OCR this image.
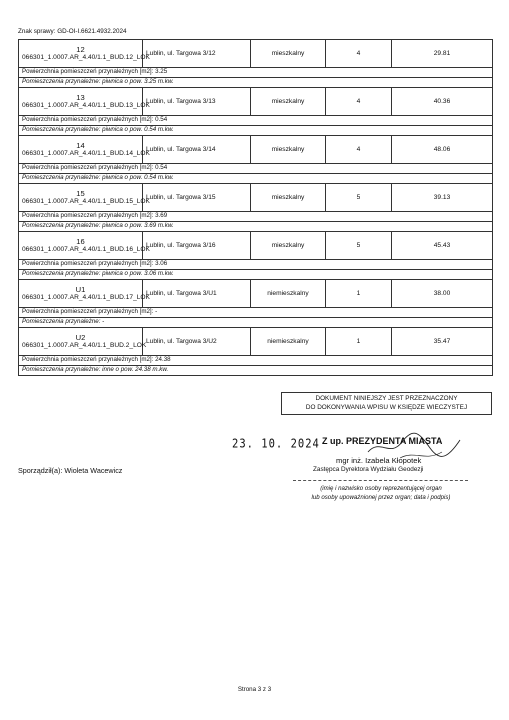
Znak sprawy: GD-OI-I.6621.4932.2024
12
066301_1.0007.AR_4.40/1.1_BUD.12_LOK	Lublin, ul. Targowa 3/12	mieszkalny	4	29.81
Powierzchnia pomieszczeń przynależnych [m2]: 3.25				
Pomieszczenia przynależne: piwnica o pow. 3.25 m.kw.				

13
066301_1.0007.AR_4.40/1.1_BUD.13_LOK	Lublin, ul. Targowa 3/13	mieszkalny	4	40.36
Powierzchnia pomieszczeń przynależnych [m2]: 0.54				
Pomieszczenia przynależne: piwnica o pow. 0.54 m.kw.				

14
066301_1.0007.AR_4.40/1.1_BUD.14_LOK	Lublin, ul. Targowa 3/14	mieszkalny	4	48.06
Powierzchnia pomieszczeń przynależnych [m2]: 0.54				
Pomieszczenia przynależne: piwnica o pow. 0.54 m.kw.				

15
066301_1.0007.AR_4.40/1.1_BUD.15_LOK	Lublin, ul. Targowa 3/15	mieszkalny	5	39.13
Powierzchnia pomieszczeń przynależnych [m2]: 3.69				
Pomieszczenia przynależne: piwnica o pow. 3.69 m.kw.				

16
066301_1.0007.AR_4.40/1.1_BUD.16_LOK	Lublin, ul. Targowa 3/16	mieszkalny	5	45.43
Powierzchnia pomieszczeń przynależnych [m2]: 3.06				
Pomieszczenia przynależne: piwnica o pow. 3.06 m.kw.				

U1
066301_1.0007.AR_4.40/1.1_BUD.17_LOK	Lublin, ul. Targowa 3/U1	niemieszkalny	1	38.00
Powierzchnia pomieszczeń przynależnych [m2]: -				
Pomieszczenia przynależne: -				

U2
066301_1.0007.AR_4.40/1.1_BUD.2_LOK	Lublin, ul. Targowa 3/U2	niemieszkalny	1	35.47
Powierzchnia pomieszczeń przynależnych [m2]: 24.38				
Pomieszczenia przynależne: inne o pow. 24.38 m.kw.				
DOKUMENT NINIEJSZY JEST PRZEZNACZONY
DO DOKONYWANIA WPISU W KSIĘDZE WIECZYSTEJ
23. 10. 2024
Sporządził(a): Wioleta Wacewicz
Z up. PREZYDENTA MIASTA
mgr inż. Izabela Kłopotek
Zastępca Dyrektora Wydziału Geodezji
(imię i nazwisko osoby reprezentującej organ
lub osoby upoważnionej przez organ; data i podpis)
Strona 3 z 3
